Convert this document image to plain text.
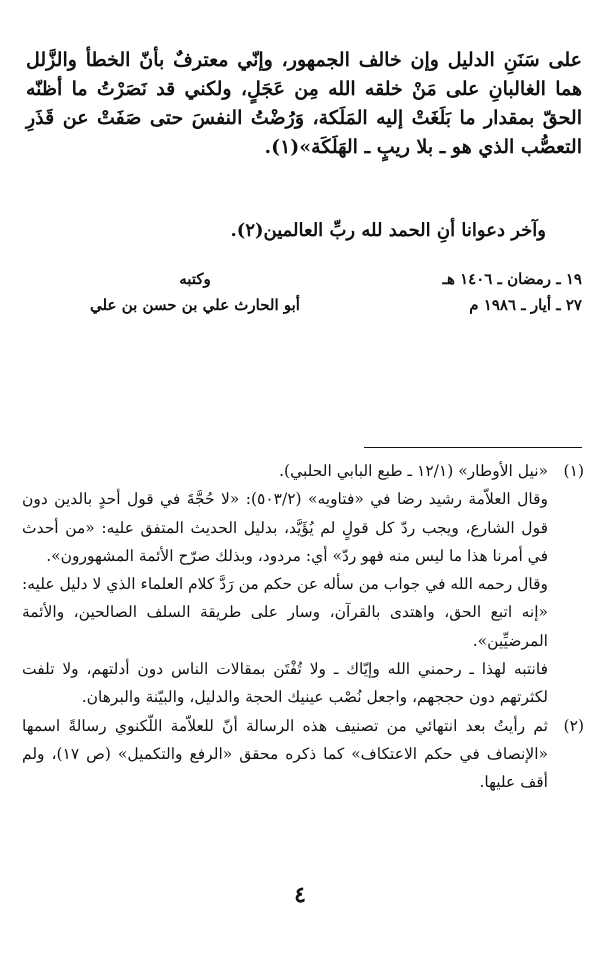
على سَنَنِ الدليل وإن خالف الجمهور، وإنّي معترفٌ بأنّ الخطأ والزَّلل هما الغالبانِ على مَنْ خلقه الله مِن عَجَلٍ، ولكني قد نَصَرْتُ ما أظنّه الحقّ بمقدار ما بَلَغَتْ إليه المَلَكة، وَرُضْتُ النفسَ حتى صَفَتْ عن قَذَرِ التعصُّب الذي هو ـ بلا ريبٍ ـ الهَلَكَة»(١).

وآخر دعوانا أنِ الحمد لله ربِّ العالمين(٢).
١٩ ـ رمضان ـ ١٤٠٦ هـ
٢٧ ـ أيار ـ ١٩٨٦ م
وكتبه
أبو الحارث علي بن حسن بن علي
(١)

«نيل الأوطار» (١٢/١ ـ طبع البابي الحلبي).

وقال العلاّمة رشيد رضا في «فتاويه» (٥٠٣/٢): «لا حُجَّةَ في قول أحدٍ بالدين دون قول الشارع، ويجب ردّ كل قولٍ لم يُؤَيَّد، بدليل الحديث المتفق عليه: «من أحدث في أمرنا هذا ما ليس منه فهو ردّ» أي: مردود، وبذلك صرّح الأئمة المشهورون».

وقال رحمه الله في جواب من سأله عن حكم من رَدَّ كلام العلماء الذي لا دليل عليه: «إنه اتبع الحق، واهتدى بالقرآن، وسار على طريقة السلف الصالحين، والأئمة المرضيِّين».

فانتبه لهذا ـ رحمني الله وإيّاك ـ ولا تُفْتَن بمقالات الناس دون أدلتهم، ولا تلفت لكثرتهم دون حججهم، واجعل نُصْب عينيك الحجة والدليل، والبيّنة والبرهان.

(٢)

ثم رأيتُ بعد انتهائي من تصنيف هذه الرسالة أنّ للعلاّمة اللّكنوي رسالةً اسمها «الإنصاف في حكم الاعتكاف» كما ذكره محقق «الرفع والتكميل» (ص ١٧)، ولم أقف عليها.

٤
